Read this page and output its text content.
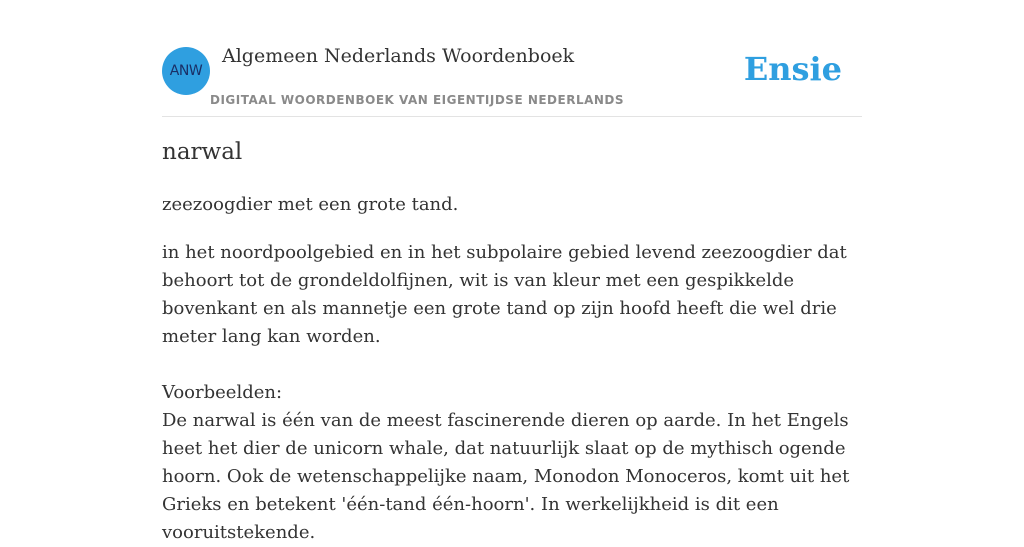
ANW
Algemeen Nederlands Woordenboek
DIGITAAL WOORDENBOEK VAN EIGENTIJDSE NEDERLANDS
Ensie
narwal
zeezoogdier met een grote tand.

in het noordpoolgebied en in het subpolaire gebied levend zeezoogdier dat behoort tot de grondeldolfijnen, wit is van kleur met een gespikkelde bovenkant en als mannetje een grote tand op zijn hoofd heeft die wel drie meter lang kan worden.

Voorbeelden:

De narwal is één van de meest fascinerende dieren op aarde. In het Engels heet het dier de unicorn whale, dat natuurlijk slaat op de mythisch ogende hoorn. Ook de wetenschappelijke naam, Monodon Monoceros, komt uit het Grieks en betekent 'één-tand één-hoorn'. In werkelijkheid is dit een vooruitstekende.
